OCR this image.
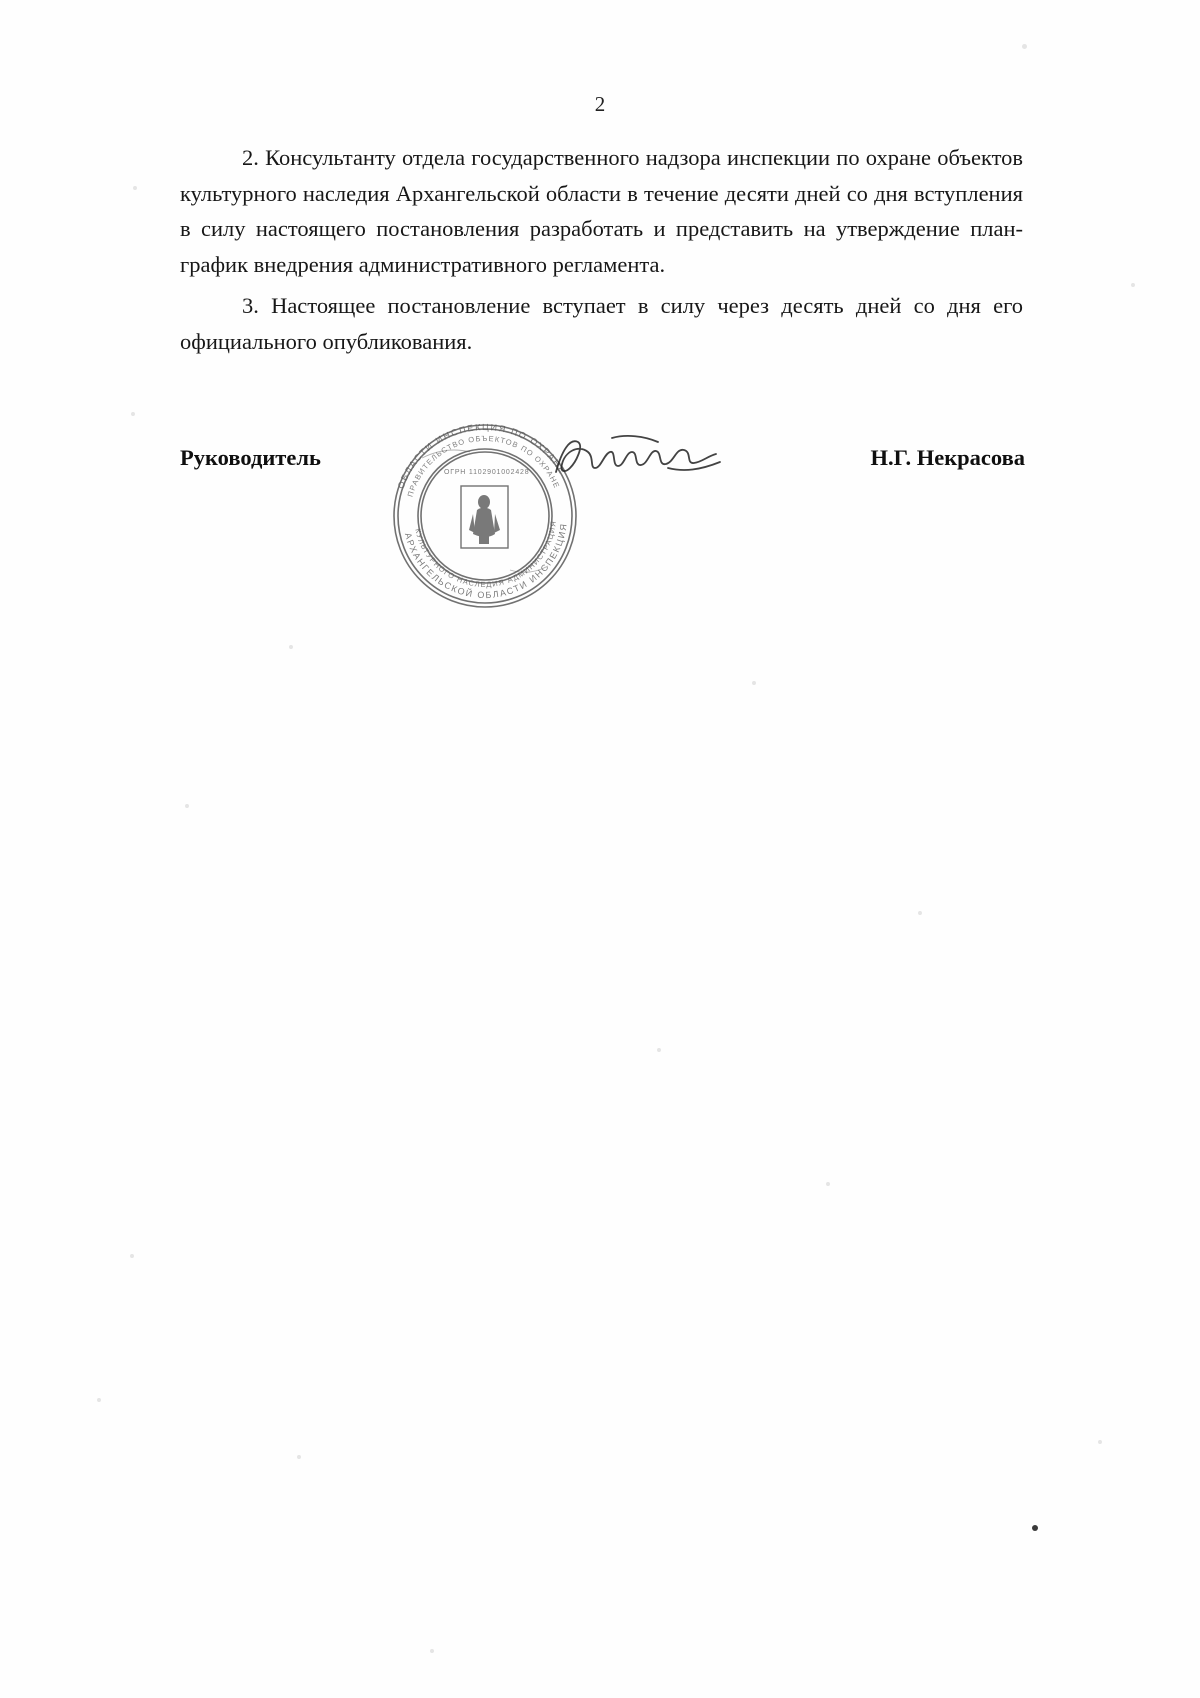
2

2. Консультанту отдела государственного надзора инспекции по охране объектов культурного наследия Архангельской области в течение десяти дней со дня вступления в силу настоящего постановления разработать и представить на утверждение план-график внедрения административного регламента.

3. Настоящее постановление вступает в силу через десять дней со дня его официального опубликования.

Руководитель	Н.Г. Некрасова
АРХАНГЕЛЬСКОЙ ОБЛАСТИ ИНСПЕКЦИЯ
ОБЛАСТИ ИНСПЕКЦИЯ ПО ОХРАНЕ
КУЛЬТУРНОГО НАСЛЕДИЯ АДМИНИСТРАЦИЯ
ПРАВИТЕЛЬСТВО ОБЪЕКТОВ ПО ОХРАНЕ
ОГРН 1102901002428
